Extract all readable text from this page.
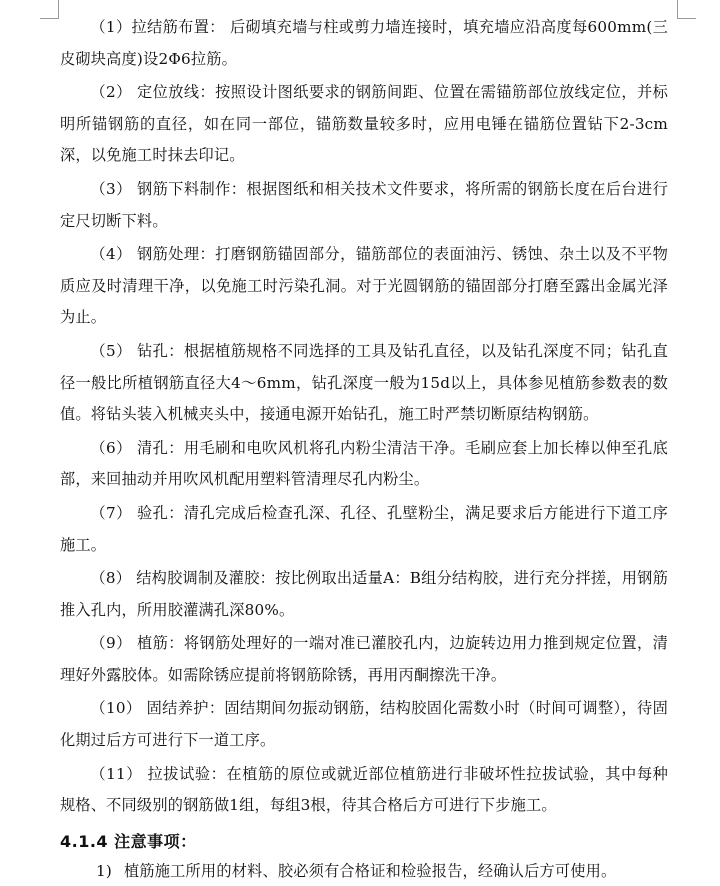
（1）拉结筋布置： 后砌填充墙与柱或剪力墙连接时，填充墙应沿高度每600mm(三皮砌块高度)设2Φ6拉筋。

（2） 定位放线：按照设计图纸要求的钢筋间距、位置在需锚筋部位放线定位，并标明所锚钢筋的直径，如在同一部位，锚筋数量较多时，应用电锤在锚筋位置钻下2-3cm深，以免施工时抹去印记。

（3） 钢筋下料制作：根据图纸和相关技术文件要求，将所需的钢筋长度在后台进行定尺切断下料。

（4） 钢筋处理：打磨钢筋锚固部分，锚筋部位的表面油污、锈蚀、杂土以及不平物质应及时清理干净，以免施工时污染孔洞。对于光圆钢筋的锚固部分打磨至露出金属光泽为止。

（5） 钻孔：根据植筋规格不同选择的工具及钻孔直径，以及钻孔深度不同；钻孔直径一般比所植钢筋直径大4～6mm，钻孔深度一般为15d以上，具体参见植筋参数表的数值。将钻头装入机械夹头中，接通电源开始钻孔，施工时严禁切断原结构钢筋。

（6） 清孔：用毛刷和电吹风机将孔内粉尘清洁干净。毛刷应套上加长棒以伸至孔底部，来回抽动并用吹风机配用塑料管清理尽孔内粉尘。

（7） 验孔：清孔完成后检查孔深、孔径、孔壁粉尘，满足要求后方能进行下道工序施工。

（8） 结构胶调制及灌胶：按比例取出适量A：B组分结构胶，进行充分拌搓，用钢筋推入孔内，所用胶灌满孔深80%。

（9） 植筋：将钢筋处理好的一端对准已灌胶孔内，边旋转边用力推到规定位置，清理好外露胶体。如需除锈应提前将钢筋除锈，再用丙酮擦洗干净。

（10） 固结养护：固结期间勿振动钢筋，结构胶固化需数小时（时间可调整），待固化期过后方可进行下一道工序。

（11） 拉拔试验：在植筋的原位或就近部位植筋进行非破坏性拉拔试验，其中每种规格、不同级别的钢筋做1组，每组3根，待其合格后方可进行下步施工。

4.1.4 注意事项：
1) 植筋施工所用的材料、胶必须有合格证和检验报告，经确认后方可使用。
